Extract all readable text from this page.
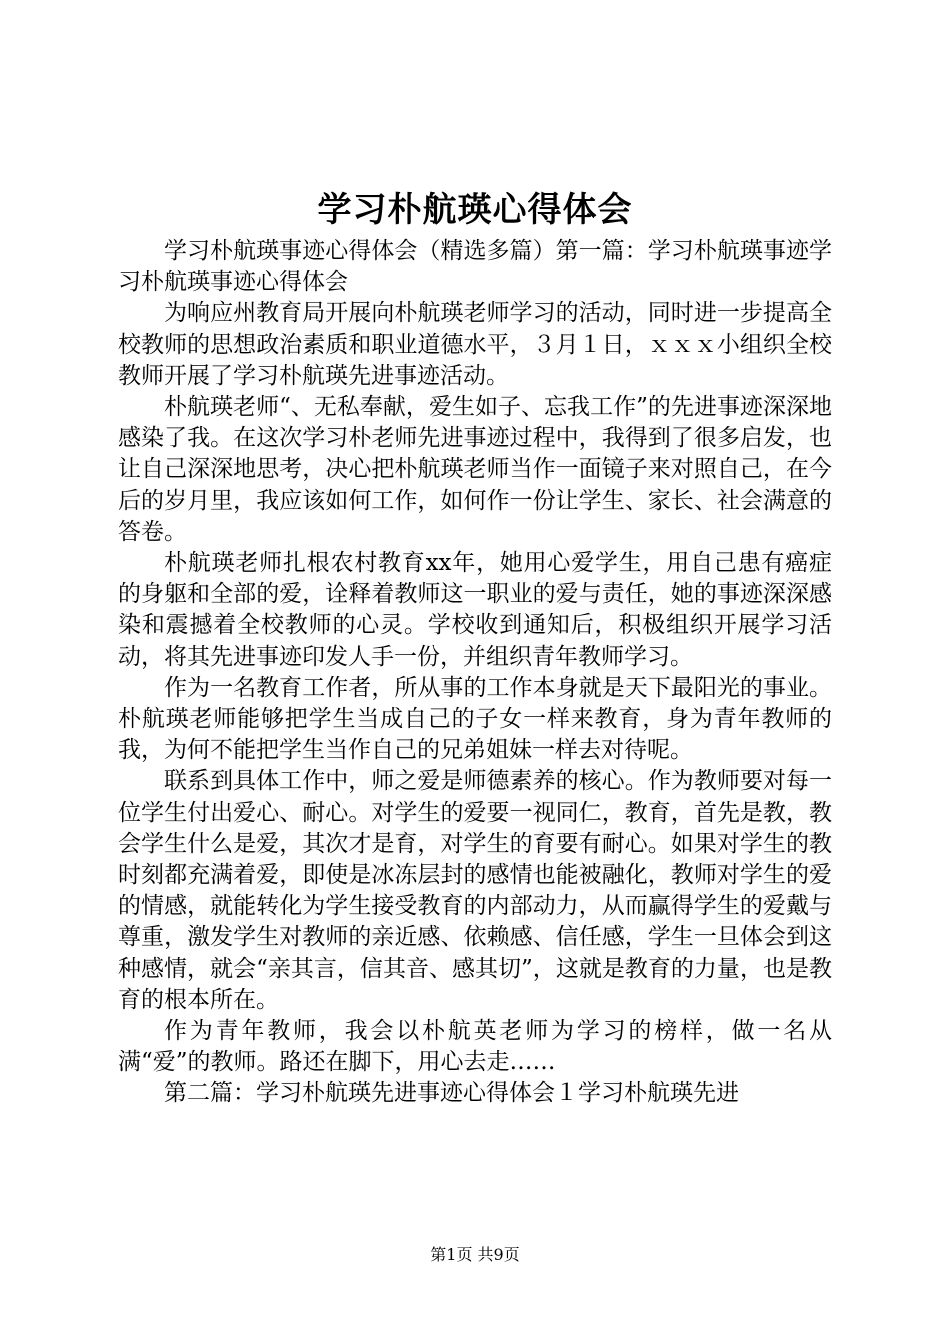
学习朴航瑛心得体会

学习朴航瑛事迹心得体会（精选多篇）第一篇：学习朴航瑛事迹学习朴航瑛事迹心得体会

为响应州教育局开展向朴航瑛老师学习的活动，同时进一步提高全校教师的思想政治素质和职业道德水平，３月１日，ｘｘｘ小组织全校教师开展了学习朴航瑛先进事迹活动。

朴航瑛老师“、无私奉献，爱生如子、忘我工作”的先进事迹深深地感染了我。在这次学习朴老师先进事迹过程中，我得到了很多启发，也让自己深深地思考，决心把朴航瑛老师当作一面镜子来对照自己，在今后的岁月里，我应该如何工作，如何作一份让学生、家长、社会满意的答卷。

朴航瑛老师扎根农村教育xx年，她用心爱学生，用自己患有癌症的身躯和全部的爱，诠释着教师这一职业的爱与责任，她的事迹深深感染和震撼着全校教师的心灵。学校收到通知后，积极组织开展学习活动，将其先进事迹印发人手一份，并组织青年教师学习。

作为一名教育工作者，所从事的工作本身就是天下最阳光的事业。朴航瑛老师能够把学生当成自己的子女一样来教育，身为青年教师的我，为何不能把学生当作自己的兄弟姐妹一样去对待呢。

联系到具体工作中，师之爱是师德素养的核心。作为教师要对每一位学生付出爱心、耐心。对学生的爱要一视同仁，教育，首先是教，教会学生什么是爱，其次才是育，对学生的育要有耐心。如果对学生的教时刻都充满着爱，即使是冰冻层封的感情也能被融化，教师对学生的爱的情感，就能转化为学生接受教育的内部动力，从而赢得学生的爱戴与尊重，激发学生对教师的亲近感、依赖感、信任感，学生一旦体会到这种感情，就会“亲其言，信其音、感其切”，这就是教育的力量，也是教育的根本所在。

作为青年教师，我会以朴航英老师为学习的榜样，做一名从满“爱”的教师。路还在脚下，用心去走……

第二篇：学习朴航瑛先进事迹心得体会１学习朴航瑛先进

第1页 共9页
